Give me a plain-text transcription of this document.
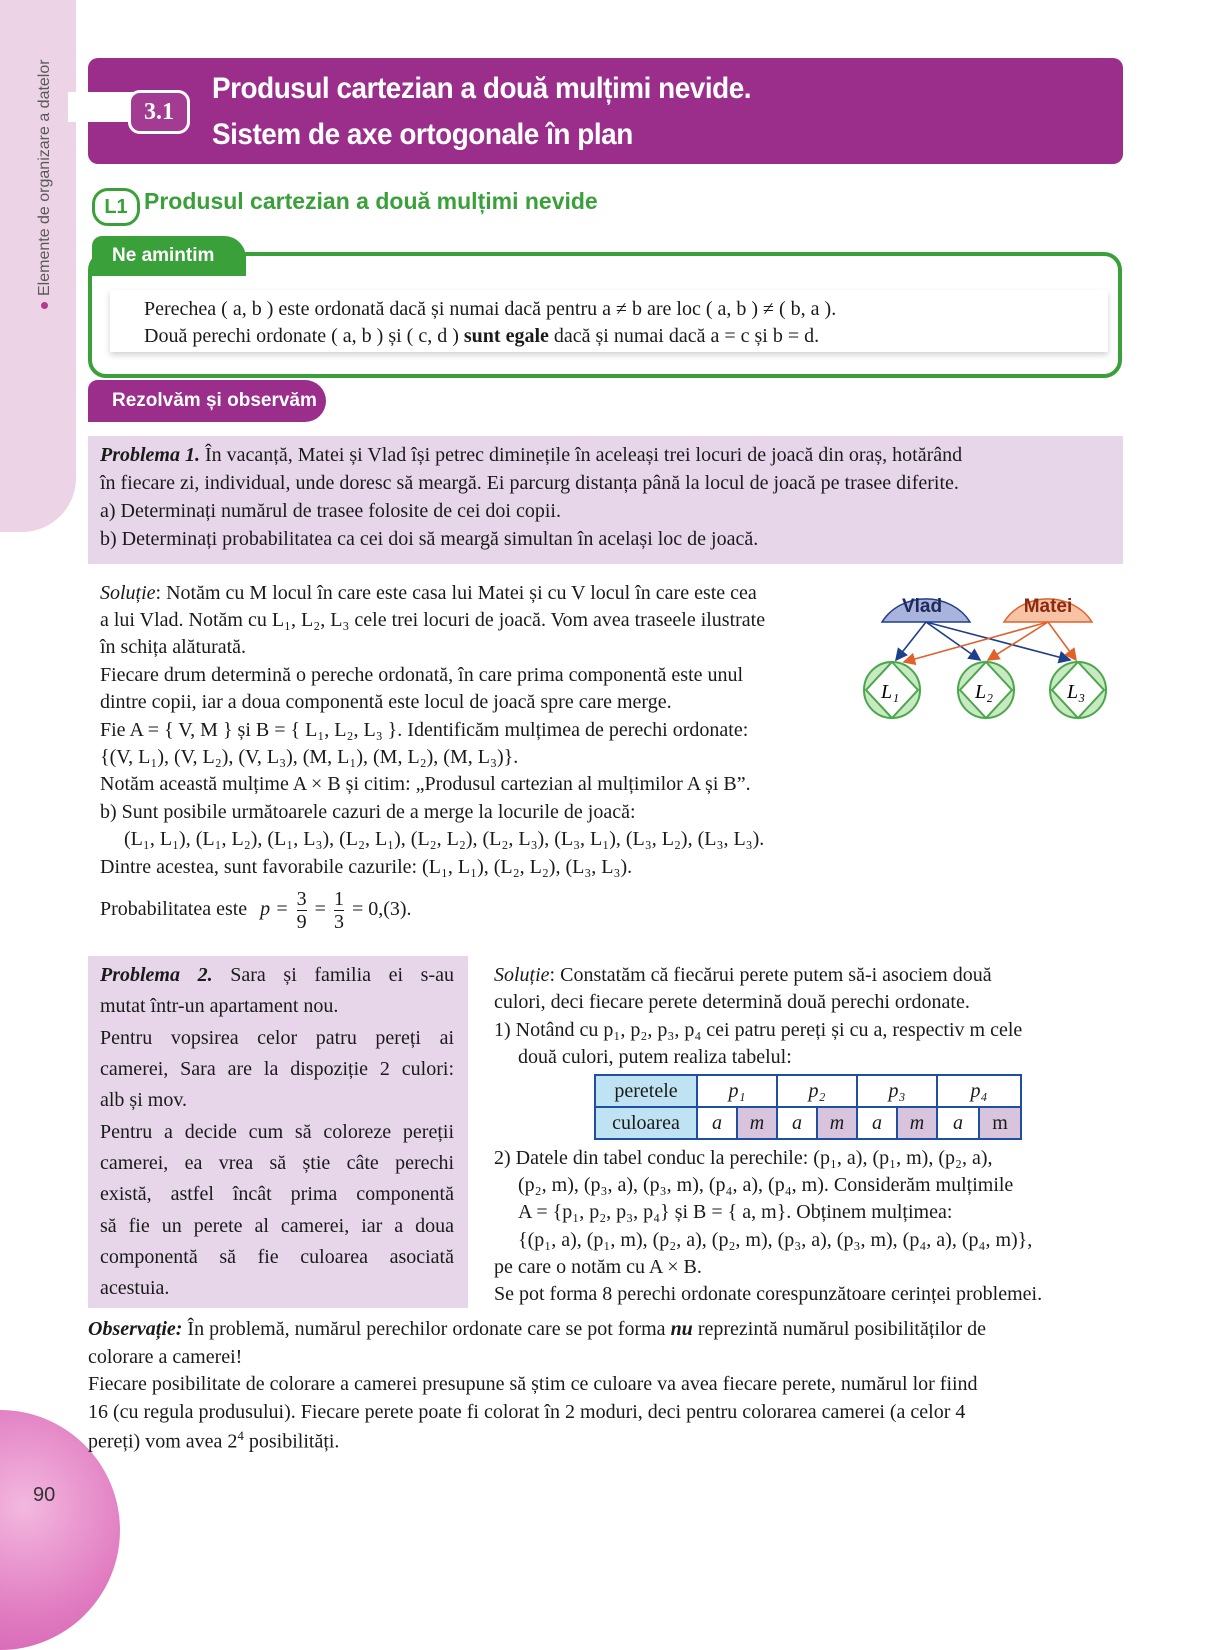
Elemente de organizare a datelor
90
3.1
Produsul cartezian a două mulțimi nevide.
Sistem de axe ortogonale în plan
L1 Produsul cartezian a două mulțimi nevide
Ne amintim
Perechea ( a, b ) este ordonată dacă și numai dacă pentru a ≠ b are loc ( a, b ) ≠ ( b, a ).
Două perechi ordonate ( a, b ) și ( c, d ) sunt egale dacă și numai dacă a = c și b = d.
Rezolvăm și observăm
Problema 1. În vacanță, Matei și Vlad își petrec diminețile în aceleași trei locuri de joacă din oraș, hotărând
în fiecare zi, individual, unde doresc să meargă. Ei parcurg distanța până la locul de joacă pe trasee diferite.
a) Determinați numărul de trasee folosite de cei doi copii.
b) Determinați probabilitatea ca cei doi să meargă simultan în același loc de joacă.
Soluție: Notăm cu M locul în care este casa lui Matei și cu V locul în care este cea
a lui Vlad. Notăm cu L₁, L₂, L₃ cele trei locuri de joacă. Vom avea traseele ilustrate
în schița alăturată.
Fiecare drum determină o pereche ordonată, în care prima componentă este unul
dintre copii, iar a doua componentă este locul de joacă spre care merge.
Fie A = { V, M } și B = { L₁, L₂, L₃ }. Identificăm mulțimea de perechi ordonate:
{(V, L₁), (V, L₂), (V, L₃), (M, L₁), (M, L₂), (M, L₃)}.
Notăm această mulțime A × B și citim: „Produsul cartezian al mulțimilor A și B”.
b) Sunt posibile următoarele cazuri de a merge la locurile de joacă:
(L₁, L₁), (L₁, L₂), (L₁, L₃), (L₂, L₁), (L₂, L₂), (L₂, L₃), (L₃, L₁), (L₃, L₂), (L₃, L₃).
Dintre acestea, sunt favorabile cazurile: (L₁, L₁), (L₂, L₂), (L₃, L₃).
Probabilitatea este $p = \frac{3}{9} = \frac{1}{3} = 0,(3)$.
Vlad	Matei
L₁	L₂	L₃
Problema 2. Sara și familia ei s-au
mutat într-un apartament nou.
Pentru vopsirea celor patru pereți ai
camerei, Sara are la dispoziție 2 culori:
alb și mov.
Pentru a decide cum să coloreze pereții
camerei, ea vrea să știe câte perechi
există, astfel încât prima componentă
să fie un perete al camerei, iar a doua
componentă să fie culoarea asociată
acestuia.
Soluție: Constatăm că fiecărui perete putem să-i asociem două
culori, deci fiecare perete determină două perechi ordonate.
1) Notând cu p₁, p₂, p₃, p₄ cei patru pereți și cu a, respectiv m cele
două culori, putem realiza tabelul:
peretele	p₁		p₂		p₃		p₄	
culoarea	a	m	a	m	a	m	a	m
2) Datele din tabel conduc la perechile: (p₁, a), (p₁, m), (p₂, a),
(p₂, m), (p₃, a), (p₃, m), (p₄, a), (p₄, m). Considerăm mulțimile
A = {p₁, p₂, p₃, p₄} și B = { a, m}. Obținem mulțimea:
{(p₁, a), (p₁, m), (p₂, a), (p₂, m), (p₃, a), (p₃, m), (p₄, a), (p₄, m)},
pe care o notăm cu A × B.
Se pot forma 8 perechi ordonate corespunzătoare cerinței problemei.
Observație: În problemă, numărul perechilor ordonate care se pot forma nu reprezintă numărul posibilităților de
colorare a camerei!
Fiecare posibilitate de colorare a camerei presupune să știm ce culoare va avea fiecare perete, numărul lor fiind
16 (cu regula produsului). Fiecare perete poate fi colorat în 2 moduri, deci pentru colorarea camerei (a celor 4
pereți) vom avea $2^4$ posibilități.
